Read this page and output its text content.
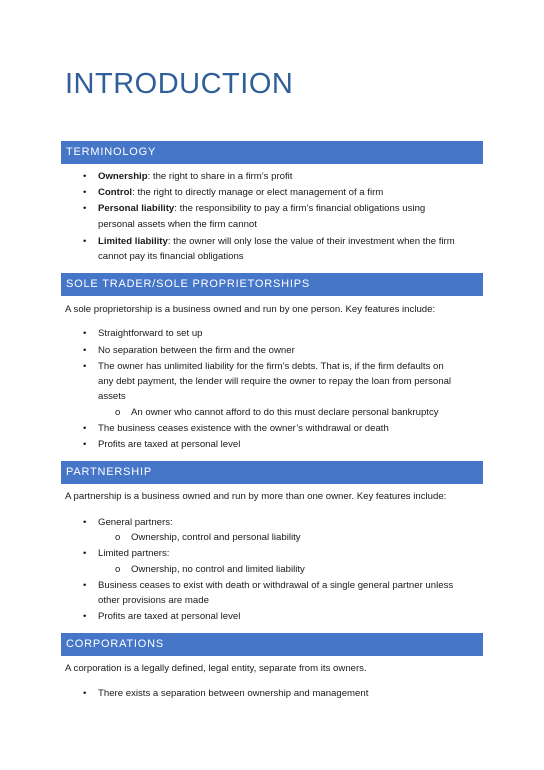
INTRODUCTION
TERMINOLOGY
• Ownership: the right to share in a firm’s profit
• Control: the right to directly manage or elect management of a firm
• Personal liability: the responsibility to pay a firm’s financial obligations using
personal assets when the firm cannot
• Limited liability: the owner will only lose the value of their investment when the firm
cannot pay its financial obligations
SOLE TRADER/SOLE PROPRIETORSHIPS
A sole proprietorship is a business owned and run by one person. Key features include:
• Straightforward to set up
• No separation between the firm and the owner
• The owner has unlimited liability for the firm’s debts. That is, if the firm defaults on
any debt payment, the lender will require the owner to repay the loan from personal
assets
o An owner who cannot afford to do this must declare personal bankruptcy
• The business ceases existence with the owner’s withdrawal or death
• Profits are taxed at personal level
PARTNERSHIP
A partnership is a business owned and run by more than one owner. Key features include:
• General partners:
o Ownership, control and personal liability
• Limited partners:
o Ownership, no control and limited liability
• Business ceases to exist with death or withdrawal of a single general partner unless
other provisions are made
• Profits are taxed at personal level
CORPORATIONS
A corporation is a legally defined, legal entity, separate from its owners.
• There exists a separation between ownership and management
